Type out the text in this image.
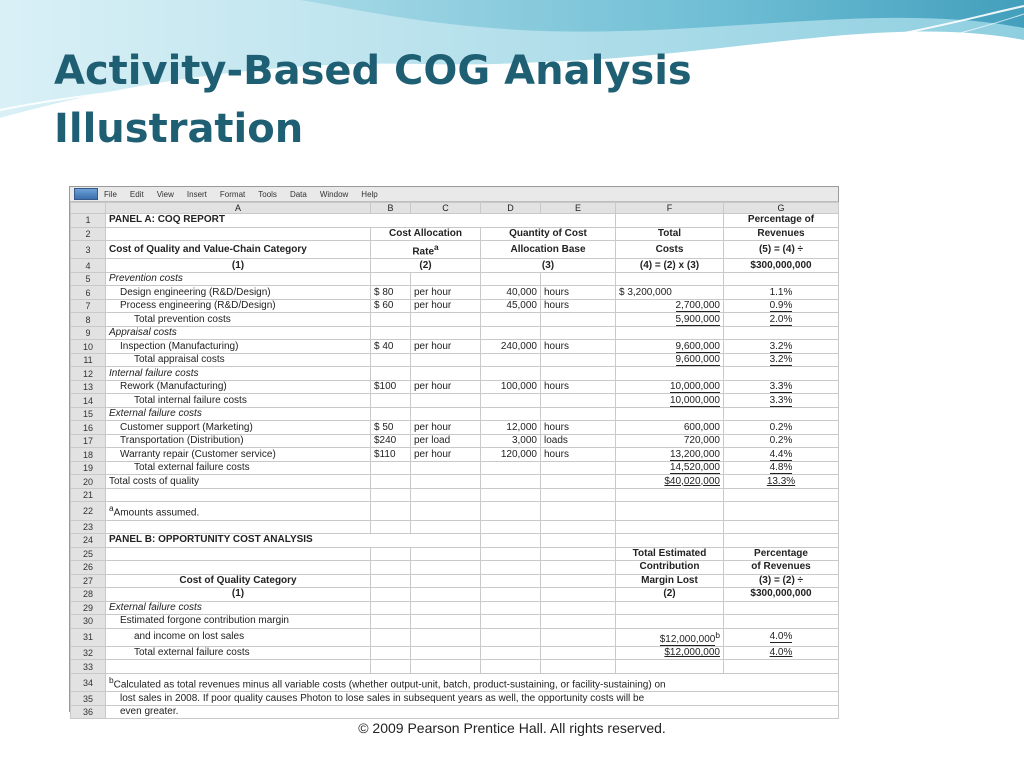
Activity-Based COG Analysis
Illustration
File Edit View Insert Format Tools Data Window Help
	A	B	C	D	E	F	G
1	PANEL A: COQ REPORT						Percentage of
2		Cost Allocation		Quantity of Cost		Total	Revenues
3	Cost of Quality and Value-Chain Category	Rate$^a$		Allocation Base		Costs	(5) = (4) ÷
4	(1)	(2)		(3)		(4) = (2) x (3)	$300,000,000
5	Prevention costs						
6	Design engineering (R&D/Design)	$ 80	per hour	40,000	hours	$ 3,200,000	1.1%
7	Process engineering (R&D/Design)	$ 60	per hour	45,000	hours	2,700,000	0.9%
8	Total prevention costs					5,900,000	2.0%
9	Appraisal costs						
10	Inspection (Manufacturing)	$ 40	per hour	240,000	hours	9,600,000	3.2%
11	Total appraisal costs					9,600,000	3.2%
12	Internal failure costs						
13	Rework (Manufacturing)	$100	per hour	100,000	hours	10,000,000	3.3%
14	Total internal failure costs					10,000,000	3.3%
15	External failure costs						
16	Customer support (Marketing)	$ 50	per hour	12,000	hours	600,000	0.2%
17	Transportation (Distribution)	$240	per load	3,000	loads	720,000	0.2%
18	Warranty repair (Customer service)	$110	per hour	120,000	hours	13,200,000	4.4%
19	Total external failure costs					14,520,000	4.8%
20	Total costs of quality					$40,020,000	13.3%
21							
22	$^a$Amounts assumed.						
23							
24	PANEL B: OPPORTUNITY COST ANALYSIS						
25						Total Estimated	Percentage
26						Contribution	of Revenues
27	Cost of Quality Category					Margin Lost	(3) = (2) ÷
28	(1)					(2)	$300,000,000
29	External failure costs						
30	Estimated forgone contribution margin						
31	and income on lost sales					$12,000,000$^b$	4.0%
32	Total external failure costs					$12,000,000	4.0%
33							
34	$^b$Calculated as total revenues minus all variable costs (whether output-unit, batch, product-sustaining, or facility-sustaining) on						
35	lost sales in 2008. If poor quality causes Photon to lose sales in subsequent years as well, the opportunity costs will be						
36	even greater.						
© 2009 Pearson Prentice Hall. All rights reserved.
